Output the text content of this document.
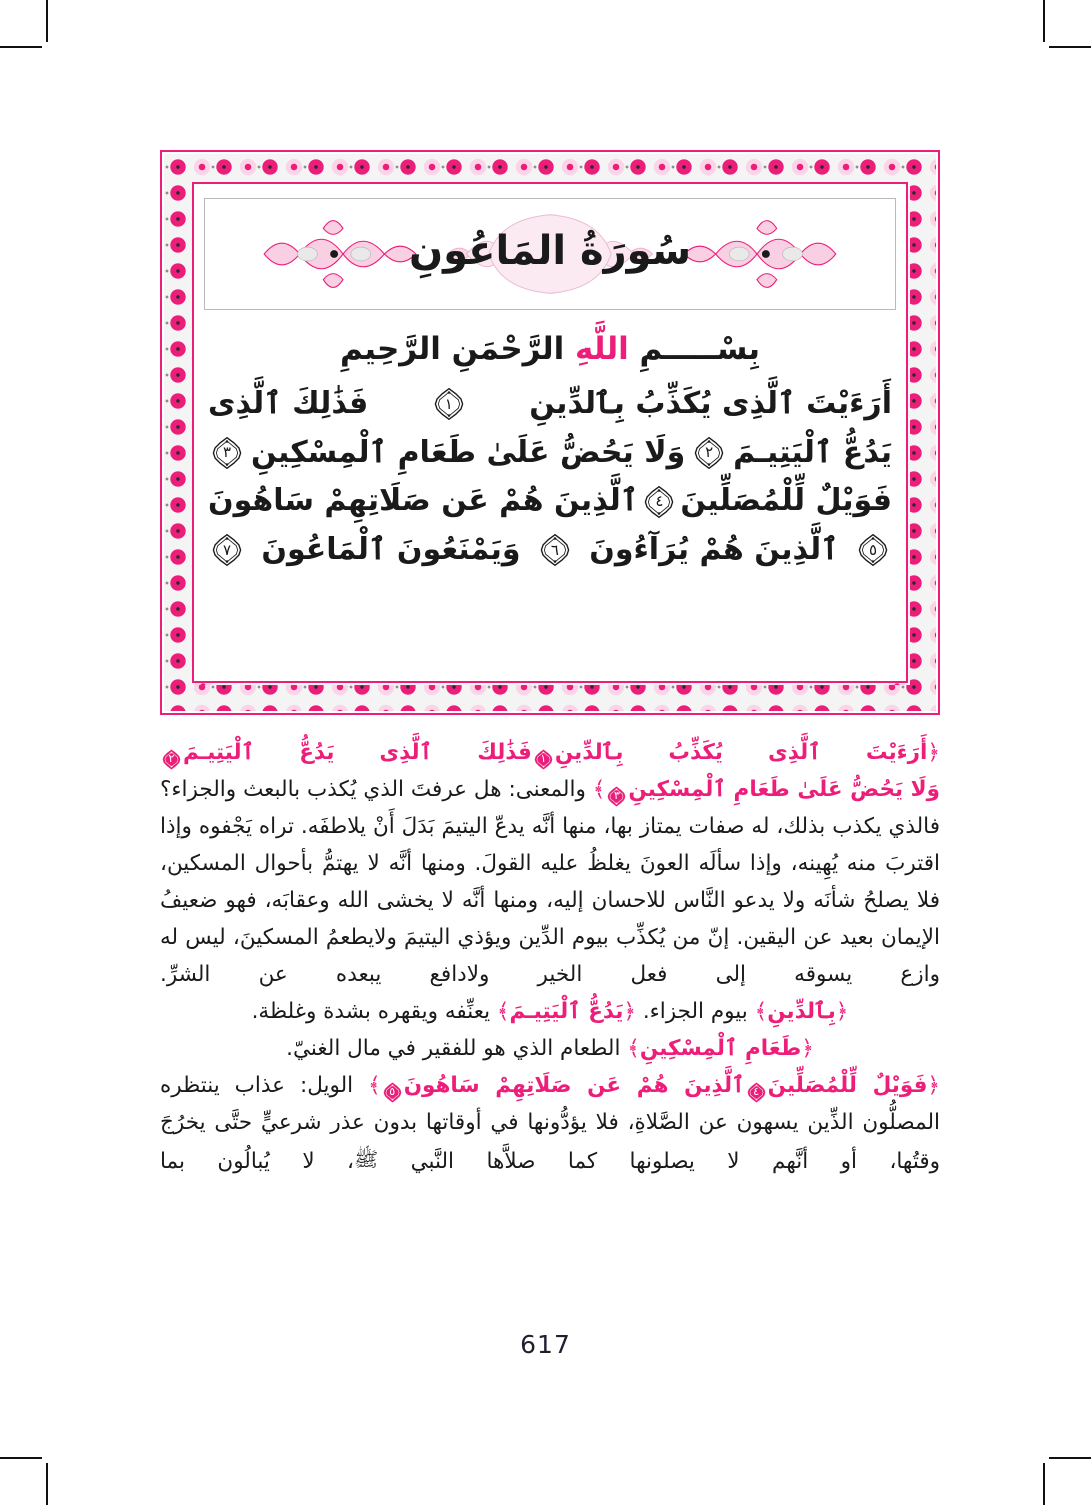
سُورَةُ المَاعُونِ
بِسْـــــمِ اللَّهِ الرَّحْمَنِ الرَّحِيمِ
أَرَءَيْتَ ٱلَّذِى يُكَذِّبُ بِٱلدِّينِ
١
فَذَٰلِكَ ٱلَّذِى
يَدُعُّ ٱلْيَتِيـمَ
٢
وَلَا يَحُضُّ عَلَىٰ طَعَامِ ٱلْمِسْكِينِ
٣
فَوَيْلٌ لِّلْمُصَلِّينَ
٤
ٱلَّذِينَ هُمْ عَن صَلَاتِهِمْ سَاهُونَ
٥
ٱلَّذِينَ هُمْ يُرَآءُونَ
٦
وَيَمْنَعُونَ ٱلْمَاعُونَ
٧

﴿أَرَءَيْتَ ٱلَّذِى يُكَذِّبُ بِٱلدِّينِ
١
فَذَٰلِكَ ٱلَّذِى يَدُعُّ ٱلْيَتِيـمَ
٢
وَلَا يَحُضُّ عَلَىٰ طَعَامِ ٱلْمِسْكِينِ
٣
﴾ والمعنى: هل عرفتَ الذي يُكذب بالبعث والجزاء؟ فالذي يكذب بذلك، له صفات يمتاز بها، منها أنَّه يدعّ اليتيمَ بَدَلَ أَنْ يلاطفَه. تراه يَجْفوه وإذا اقتربَ منه يُهِينه، وإذا سألَه العونَ يغلظُ عليه القولَ. ومنها أنَّه لا يهتمُّ بأحوال المسكين، فلا يصلحُ شأنَه ولا يدعو النَّاس للاحسان إليه، ومنها أنَّه لا يخشى الله وعقابَه، فهو ضعيفُ الإيمان بعيد عن اليقين. إنّ من يُكذِّب بيوم الدِّين ويؤذي اليتيمَ ولايطعمُ المسكينَ، ليس له وازع يسوقه إلى فعل الخير ولادافع يبعده عن الشرِّ.

﴿بِٱلدِّينِ﴾ بيوم الجزاء. ﴿يَدُعُّ ٱلْيَتِيـمَ﴾ يعنِّفه ويقهره بشدة وغلظة.

﴿طَعَامِ ٱلْمِسْكِينِ﴾ الطعام الذي هو للفقير في مال الغنيّ.

﴿فَوَيْلٌ لِّلْمُصَلِّينَ
٤
ٱلَّذِينَ هُمْ عَن صَلَاتِهِمْ سَاهُونَ
٥
﴾ الويل: عذاب ينتظره المصلُّون الذِّين يسهون عن الصَّلاةِ، فلا يؤدُّونها في أوقاتها بدون عذر شرعيٍّ حتَّى يخرُجَ وقتُها، أو أنَّهم لا يصلونها كما صلاَّها النَّبي ﷺ، لا يُبالُون بما

617
